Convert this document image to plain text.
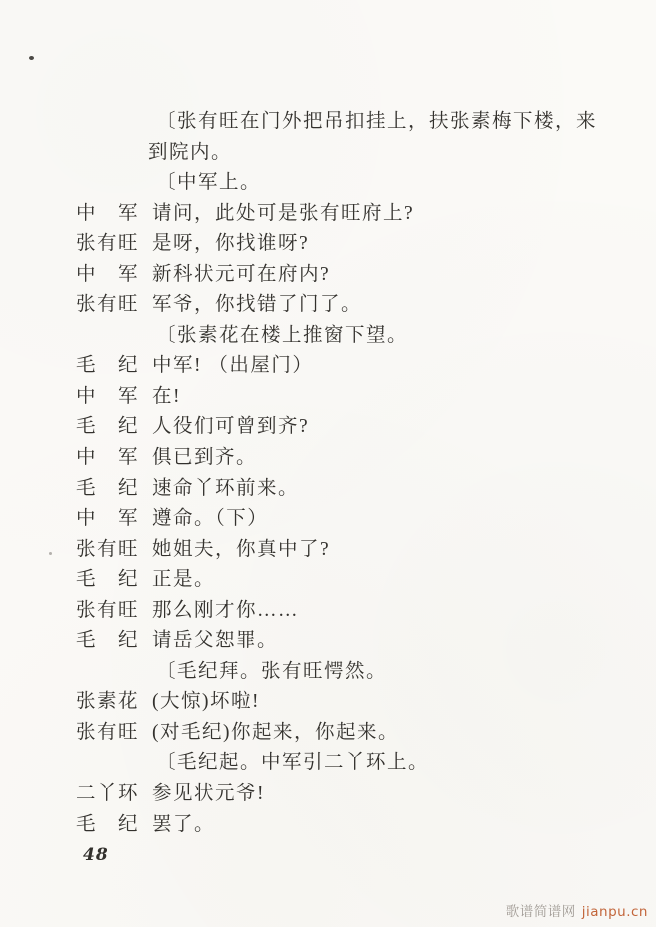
〔张有旺在门外把吊扣挂上，扶张素梅下楼，来
到院内。
〔中军上。
中　军 请问，此处可是张有旺府上?
张有旺 是呀，你找谁呀?
中　军 新科状元可在府内?
张有旺 军爷，你找错了门了。
〔张素花在楼上推窗下望。
毛　纪 中军! （出屋门）
中　军 在!
毛　纪 人役们可曾到齐?
中　军 俱已到齐。
毛　纪 速命丫环前来。
中　军 遵命。（下）
张有旺 她姐夫，你真中了?
毛　纪 正是。
张有旺 那么刚才你……
毛　纪 请岳父恕罪。
〔毛纪拜。张有旺愕然。
张素花 (大惊)坏啦!
张有旺 (对毛纪)你起来，你起来。
〔毛纪起。中军引二丫环上。
二丫环 参见状元爷!
毛　纪 罢了。
48
歌谱简谱网 jianpu.cn
